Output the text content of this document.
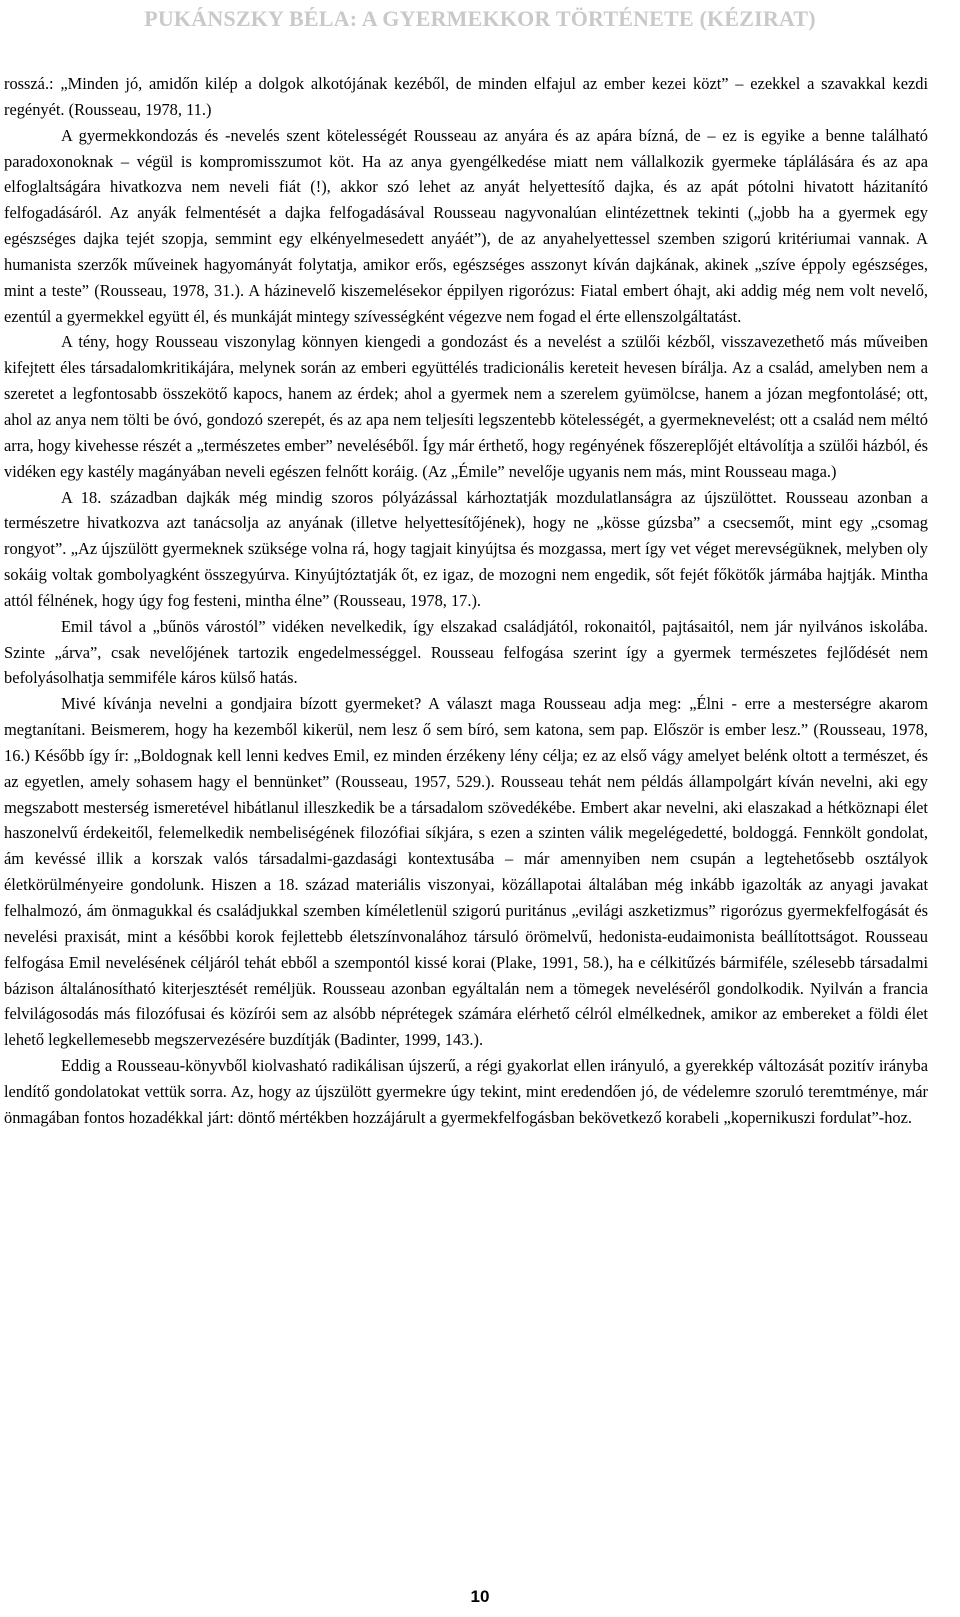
PUKÁNSZKY BÉLA: A GYERMEKKOR TÖRTÉNETE (KÉZIRAT)

rosszá.: „Minden jó, amidőn kilép a dolgok alkotójának kezéből, de minden elfajul az ember kezei közt” – ezekkel a szavakkal kezdi regényét. (Rousseau, 1978, 11.)

A gyermekkondozás és -nevelés szent kötelességét Rousseau az anyára és az apára bízná, de – ez is egyike a benne található paradoxonoknak – végül is kompromisszumot köt. Ha az anya gyengélkedése miatt nem vállalkozik gyermeke táplálására és az apa elfoglaltságára hivatkozva nem neveli fiát (!), akkor szó lehet az anyát helyettesítő dajka, és az apát pótolni hivatott házitanító felfogadásáról. Az anyák felmentését a dajka felfogadásával Rousseau nagyvonalúan elintézettnek tekinti („jobb ha a gyermek egy egészséges dajka tejét szopja, semmint egy elkényelmesedett anyáét”), de az anyahelyettessel szemben szigorú kritériumai vannak. A humanista szerzők műveinek hagyományát folytatja, amikor erős, egészséges asszonyt kíván dajkának, akinek „szíve éppoly egészséges, mint a teste” (Rousseau, 1978, 31.). A házinevelő kiszemelésekor éppilyen rigorózus: Fiatal embert óhajt, aki addig még nem volt nevelő, ezentúl a gyermekkel együtt él, és munkáját mintegy szívességként végezve nem fogad el érte ellenszolgáltatást.

A tény, hogy Rousseau viszonylag könnyen kiengedi a gondozást és a nevelést a szülői kézből, visszavezethető más műveiben kifejtett éles társadalomkritikájára, melynek során az emberi együttélés tradicionális kereteit hevesen bírálja. Az a család, amelyben nem a szeretet a legfontosabb összekötő kapocs, hanem az érdek; ahol a gyermek nem a szerelem gyümölcse, hanem a józan megfontolásé; ott, ahol az anya nem tölti be óvó, gondozó szerepét, és az apa nem teljesíti legszentebb kötelességét, a gyermeknevelést; ott a család nem méltó arra, hogy kivehesse részét a „természetes ember” neveléséből. Így már érthető, hogy regényének főszereplőjét eltávolítja a szülői házból, és vidéken egy kastély magányában neveli egészen felnőtt koráig. (Az „Émile” nevelője ugyanis nem más, mint Rousseau maga.)

A 18. században dajkák még mindig szoros pólyázással kárhoztatják mozdulatlanságra az újszülöttet. Rousseau azonban a természetre hivatkozva azt tanácsolja az anyának (illetve helyettesítőjének), hogy ne „kösse gúzsba” a csecsemőt, mint egy „csomag rongyot”. „Az újszülött gyermeknek szüksége volna rá, hogy tagjait kinyújtsa és mozgassa, mert így vet véget merevségüknek, melyben oly sokáig voltak gombolyagként összegyúrva. Kinyújtóztatják őt, ez igaz, de mozogni nem engedik, sőt fejét főkötők jármába hajtják. Mintha attól félnének, hogy úgy fog festeni, mintha élne” (Rousseau, 1978, 17.).

Emil távol a „bűnös várostól” vidéken nevelkedik, így elszakad családjától, rokonaitól, pajtásaitól, nem jár nyilvános iskolába. Szinte „árva”, csak nevelőjének tartozik engedelmességgel. Rousseau felfogása szerint így a gyermek természetes fejlődését nem befolyásolhatja semmiféle káros külső hatás.

Mivé kívánja nevelni a gondjaira bízott gyermeket? A választ maga Rousseau adja meg: „Élni - erre a mesterségre akarom megtanítani. Beismerem, hogy ha kezemből kikerül, nem lesz ő sem bíró, sem katona, sem pap. Először is ember lesz.” (Rousseau, 1978, 16.) Később így ír: „Boldognak kell lenni kedves Emil, ez minden érzékeny lény célja; ez az első vágy amelyet belénk oltott a természet, és az egyetlen, amely sohasem hagy el bennünket” (Rousseau, 1957, 529.). Rousseau tehát nem példás állampolgárt kíván nevelni, aki egy megszabott mesterség ismeretével hibátlanul illeszkedik be a társadalom szövedékébe. Embert akar nevelni, aki elaszakad a hétköznapi élet haszonelvű érdekeitől, felemelkedik nembeliségének filozófiai síkjára, s ezen a szinten válik megelégedetté, boldoggá. Fennkölt gondolat, ám kevéssé illik a korszak valós társadalmi-gazdasági kontextusába – már amennyiben nem csupán a legtehetősebb osztályok életkörülményeire gondolunk. Hiszen a 18. század materiális viszonyai, közállapotai általában még inkább igazolták az anyagi javakat felhalmozó, ám önmagukkal és családjukkal szemben kíméletlenül szigorú puritánus „evilági aszketizmus” rigorózus gyermekfelfogását és nevelési praxisát, mint a későbbi korok fejlettebb életszínvonalához társuló örömelvű, hedonista-eudaimonista beállítottságot. Rousseau felfogása Emil nevelésének céljáról tehát ebből a szempontól kissé korai (Plake, 1991, 58.), ha e célkitűzés bármiféle, szélesebb társadalmi bázison általánosítható kiterjesztését reméljük. Rousseau azonban egyáltalán nem a tömegek neveléséről gondolkodik. Nyilván a francia felvilágosodás más filozófusai és közírói sem az alsóbb néprétegek számára elérhető célról elmélkednek, amikor az embereket a földi élet lehető legkellemesebb megszervezésére buzdítják (Badinter, 1999, 143.).

Eddig a Rousseau-könyvből kiolvasható radikálisan újszerű, a régi gyakorlat ellen irányuló, a gyerekkép változását pozitív irányba lendítő gondolatokat vettük sorra. Az, hogy az újszülött gyermekre úgy tekint, mint eredendően jó, de védelemre szoruló teremtménye, már önmagában fontos hozadékkal járt: döntő mértékben hozzájárult a gyermekfelfogásban bekövetkező korabeli „kopernikuszi fordulat”-hoz.

10
